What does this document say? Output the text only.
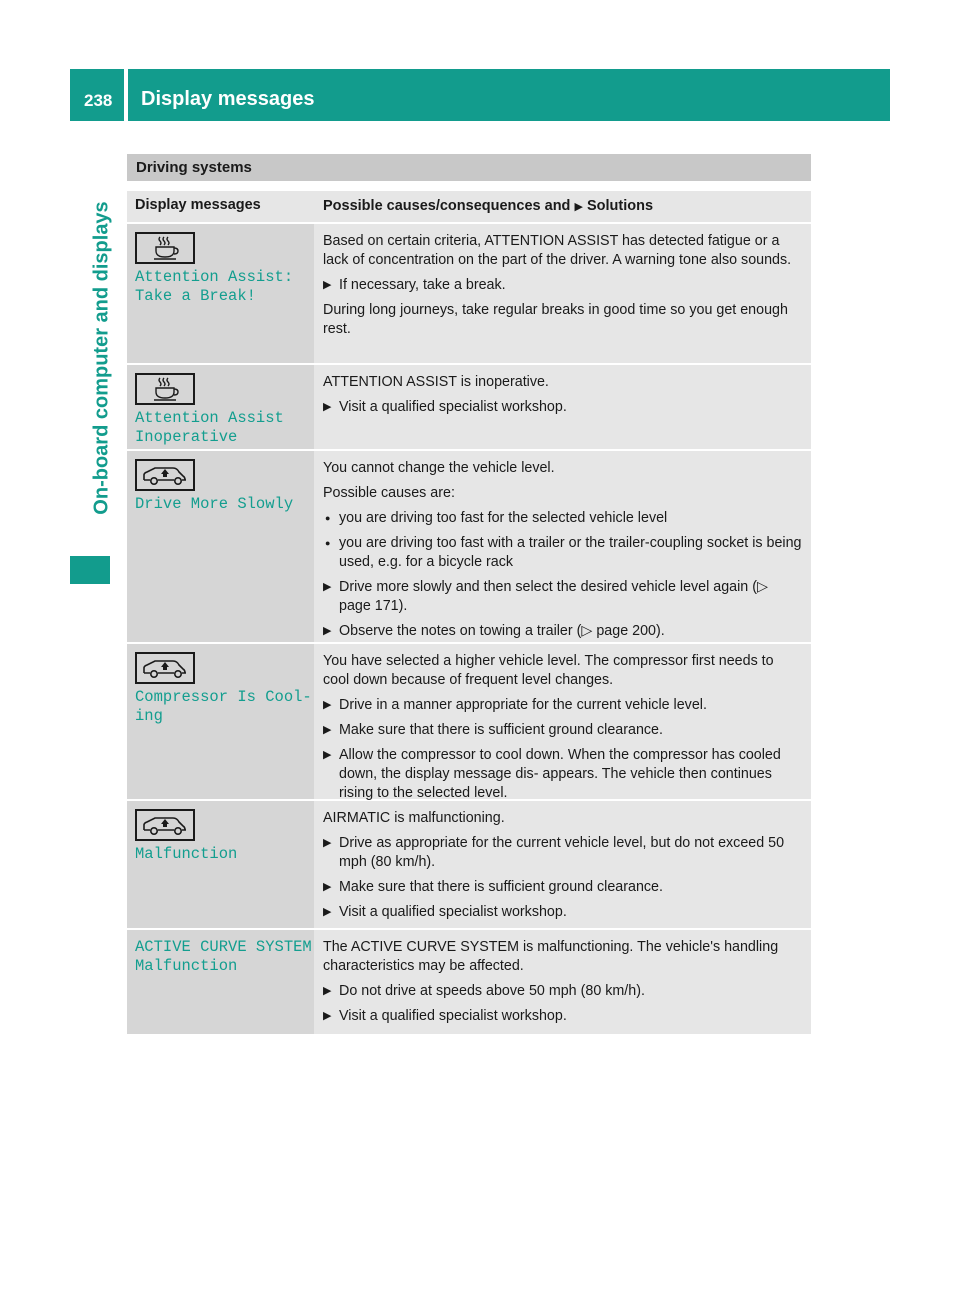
238 Display messages
On-board computer and displays
Driving systems
Display messages	Possible causes/consequences and ▶ Solutions
Attention Assist:
Take a Break!
Based on certain criteria, ATTENTION ASSIST has detected fatigue or a lack of concentration on the part of the driver. A warning tone also sounds.
▶ If necessary, take a break.
During long journeys, take regular breaks in good time so you get enough rest.
Attention Assist
Inoperative
ATTENTION ASSIST is inoperative.
▶ Visit a qualified specialist workshop.
Drive More Slowly
You cannot change the vehicle level.
Possible causes are:
● you are driving too fast for the selected vehicle level
● you are driving too fast with a trailer or the trailer-coupling socket is being used, e.g. for a bicycle rack
▶ Drive more slowly and then select the desired vehicle level again (▷ page 171).
▶ Observe the notes on towing a trailer (▷ page 200).
Compressor Is Cool‐
ing
You have selected a higher vehicle level. The compressor first needs to cool down because of frequent level changes.
▶ Drive in a manner appropriate for the current vehicle level.
▶ Make sure that there is sufficient ground clearance.
▶ Allow the compressor to cool down. When the compressor has cooled down, the display message dis- appears. The vehicle then continues rising to the selected level.
Malfunction
AIRMATIC is malfunctioning.
▶ Drive as appropriate for the current vehicle level, but do not exceed 50 mph (80 km/h).
▶ Make sure that there is sufficient ground clearance.
▶ Visit a qualified specialist workshop.
ACTIVE CURVE SYSTEM
Malfunction
The ACTIVE CURVE SYSTEM is malfunctioning. The vehicle's handling characteristics may be affected.
▶ Do not drive at speeds above 50 mph (80 km/h).
▶ Visit a qualified specialist workshop.
